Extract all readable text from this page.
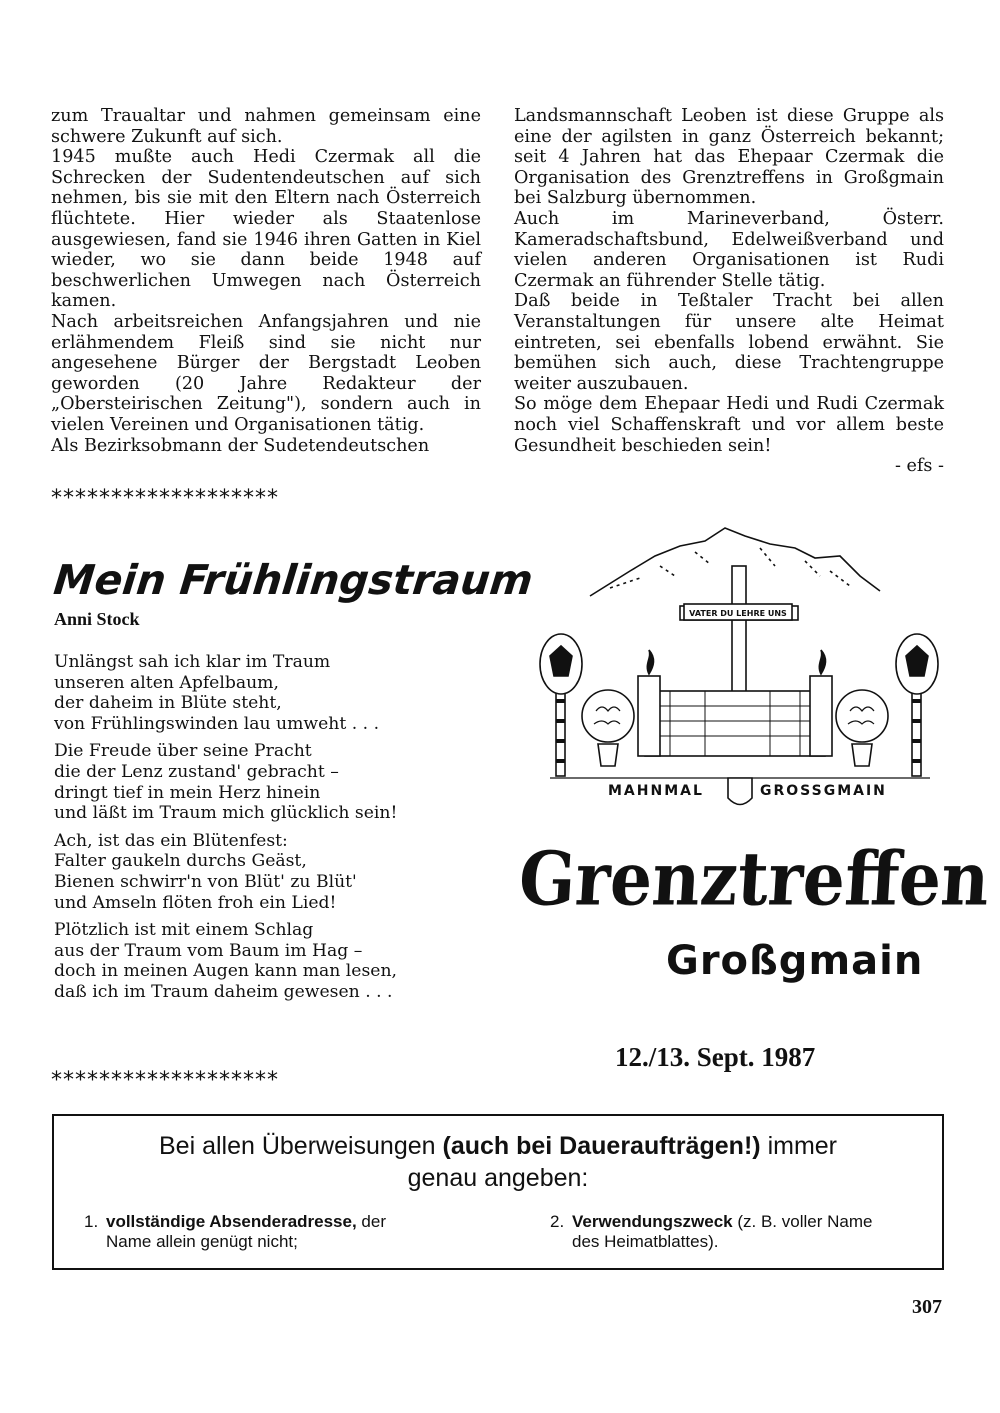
zum Traualtar und nahmen gemeinsam eine schwere Zukunft auf sich.

1945 mußte auch Hedi Czermak all die Schrecken der Sudentendeutschen auf sich nehmen, bis sie mit den Eltern nach Österreich flüchtete. Hier wieder als Staatenlose ausgewiesen, fand sie 1946 ihren Gatten in Kiel wieder, wo sie dann beide 1948 auf beschwerlichen Umwegen nach Österreich kamen.

Nach arbeitsreichen Anfangsjahren und nie erlähmendem Fleiß sind sie nicht nur angesehene Bürger der Bergstadt Leoben geworden (20 Jahre Redakteur der „Obersteirischen Zeitung"), sondern auch in vielen Vereinen und Organisationen tätig.

Als Bezirksobmann der Sudetendeutschen

Landsmannschaft Leoben ist diese Gruppe als eine der agilsten in ganz Österreich bekannt; seit 4 Jahren hat das Ehepaar Czermak die Organisation des Grenztreffens in Großgmain bei Salzburg übernommen.

Auch im Marineverband, Österr. Kameradschaftsbund, Edelweißverband und vielen anderen Organisationen ist Rudi Czermak an führender Stelle tätig.

Daß beide in Teßtaler Tracht bei allen Veranstaltungen für unsere alte Heimat eintreten, sei ebenfalls lobend erwähnt. Sie bemühen sich auch, diese Trachtengruppe weiter auszubauen.

So möge dem Ehepaar Hedi und Rudi Czermak noch viel Schaffenskraft und vor allem beste Gesundheit beschieden sein!

- efs -

*******************
Mein Frühlingstraum
Anni Stock
Unlängst sah ich klar im Traum
unseren alten Apfelbaum,
der daheim in Blüte steht,
von Frühlingswinden lau umweht . . .
Die Freude über seine Pracht
die der Lenz zustand' gebracht –
dringt tief in mein Herz hinein
und läßt im Traum mich glücklich sein!
Ach, ist das ein Blütenfest:
Falter gaukeln durchs Geäst,
Bienen schwirr'n von Blüt' zu Blüt'
und Amseln flöten froh ein Lied!
Plötzlich ist mit einem Schlag
aus der Traum vom Baum im Hag –
doch in meinen Augen kann man lesen,
daß ich im Traum daheim gewesen . . .
*******************
VATER DU LEHRE UNS
MAHNMAL	GROSSGMAIN
Grenztreffen
Großgmain
12./13. Sept. 1987
Bei allen Überweisungen (auch bei Daueraufträgen!) immer
genau angeben:
1. vollständige Absenderadresse, der
Name allein genügt nicht;
2. Verwendungszweck (z. B. voller Name
des Heimatblattes).
307
